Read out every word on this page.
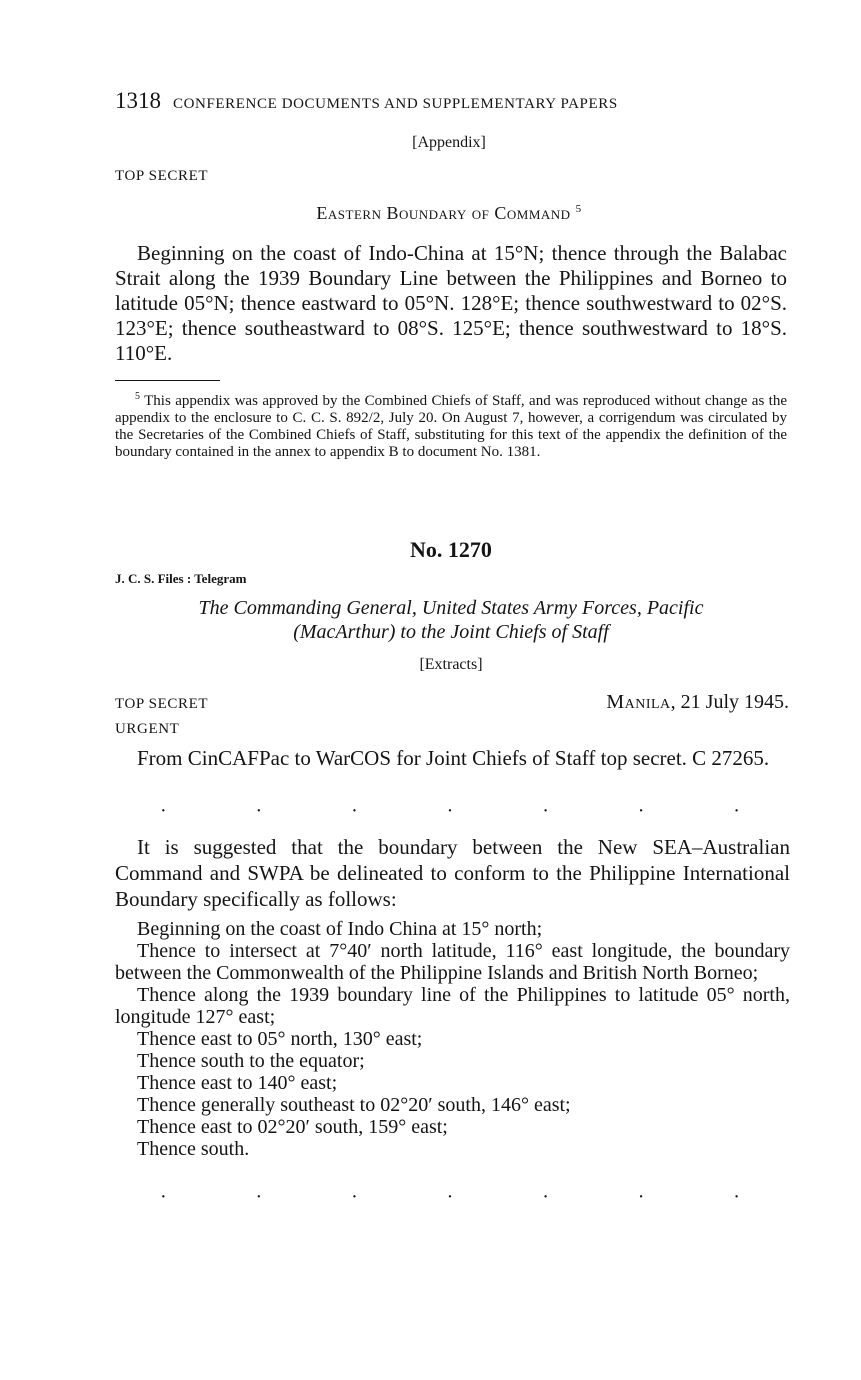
1318 CONFERENCE DOCUMENTS AND SUPPLEMENTARY PAPERS
[Appendix]
TOP SECRET
Eastern Boundary of Command $^5$

Beginning on the coast of Indo-China at 15°N; thence through the Balabac Strait along the 1939 Boundary Line between the Philippines and Borneo to latitude 05°N; thence eastward to 05°N. 128°E; thence southwestward to 02°S. 123°E; thence southeastward to 08°S. 125°E; thence southwestward to 18°S. 110°E.

$^5$ This appendix was approved by the Combined Chiefs of Staff, and was reproduced without change as the appendix to the enclosure to C. C. S. 892/2, July 20. On August 7, however, a corrigendum was circulated by the Secretaries of the Combined Chiefs of Staff, substituting for this text of the appendix the definition of the boundary contained in the annex to appendix B to document No. 1381.

No. 1270
J. C. S. Files : Telegram
The Commanding General, United States Army Forces, Pacific
(MacArthur) to the Joint Chiefs of Staff
[Extracts]
TOP SECRET	Manila, 21 July 1945.
URGENT

From CinCAFPac to WarCOS for Joint Chiefs of Staff top secret. C 27265.

·	·	·	·	·	·	·

It is suggested that the boundary between the New SEA–Australian Command and SWPA be delineated to conform to the Philippine International Boundary specifically as follows:

Beginning on the coast of Indo China at 15° north;
Thence to intersect at 7°40′ north latitude, 116° east longitude, the boundary between the Commonwealth of the Philippine Islands and British North Borneo;
Thence along the 1939 boundary line of the Philippines to latitude 05° north, longitude 127° east;
Thence east to 05° north, 130° east;
Thence south to the equator;
Thence east to 140° east;
Thence generally southeast to 02°20′ south, 146° east;
Thence east to 02°20′ south, 159° east;
Thence south.
·	·	·	·	·	·	·
